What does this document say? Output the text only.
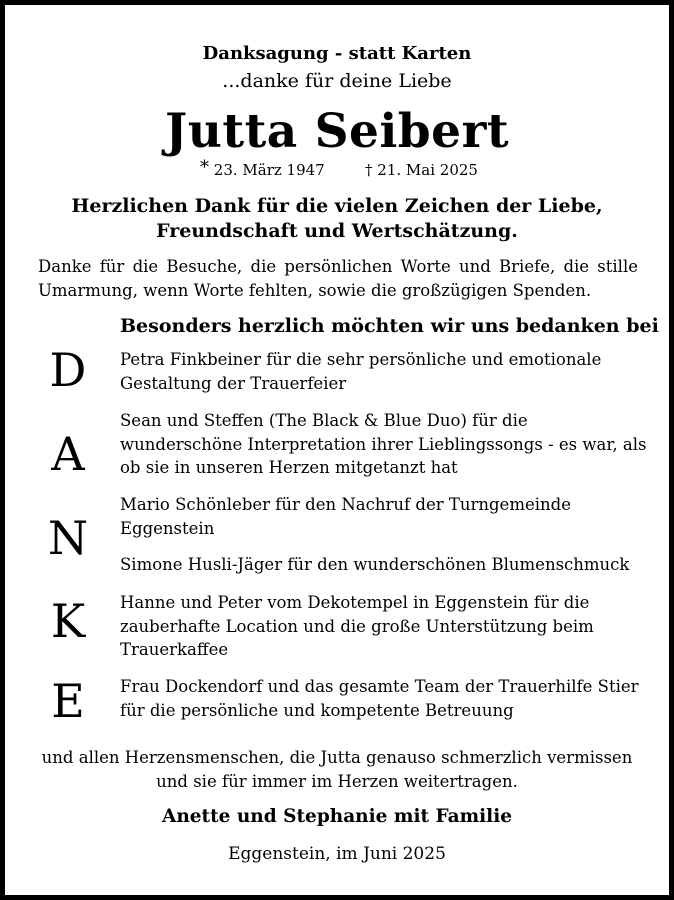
Danksagung - statt Karten
...danke für deine Liebe
Jutta Seibert
* 23. März 1947	† 21. Mai 2025
Herzlichen Dank für die vielen Zeichen der Liebe,
Freundschaft und Wertschätzung.
Danke für die Besuche, die persönlichen Worte und Briefe, die stille Umarmung, wenn Worte fehlten, sowie die großzügigen Spenden.
Besonders herzlich möchten wir uns bedanken bei
D
A
N
K
E
Petra Finkbeiner für die sehr persönliche und emotionale Gestaltung der Trauerfeier
Sean und Steffen (The Black & Blue Duo) für die wunderschöne Interpretation ihrer Lieblingssongs - es war, als ob sie in unseren Herzen mitgetanzt hat
Mario Schönleber für den Nachruf der Turngemeinde Eggenstein
Simone Husli-Jäger für den wunderschönen Blumenschmuck
Hanne und Peter vom Dekotempel in Eggenstein für die zauberhafte Location und die große Unterstützung beim Trauerkaffee
Frau Dockendorf und das gesamte Team der Trauerhilfe Stier für die persönliche und kompetente Betreuung
und allen Herzensmenschen, die Jutta genauso schmerzlich vermissen
und sie für immer im Herzen weitertragen.
Anette und Stephanie mit Familie
Eggenstein, im Juni 2025
